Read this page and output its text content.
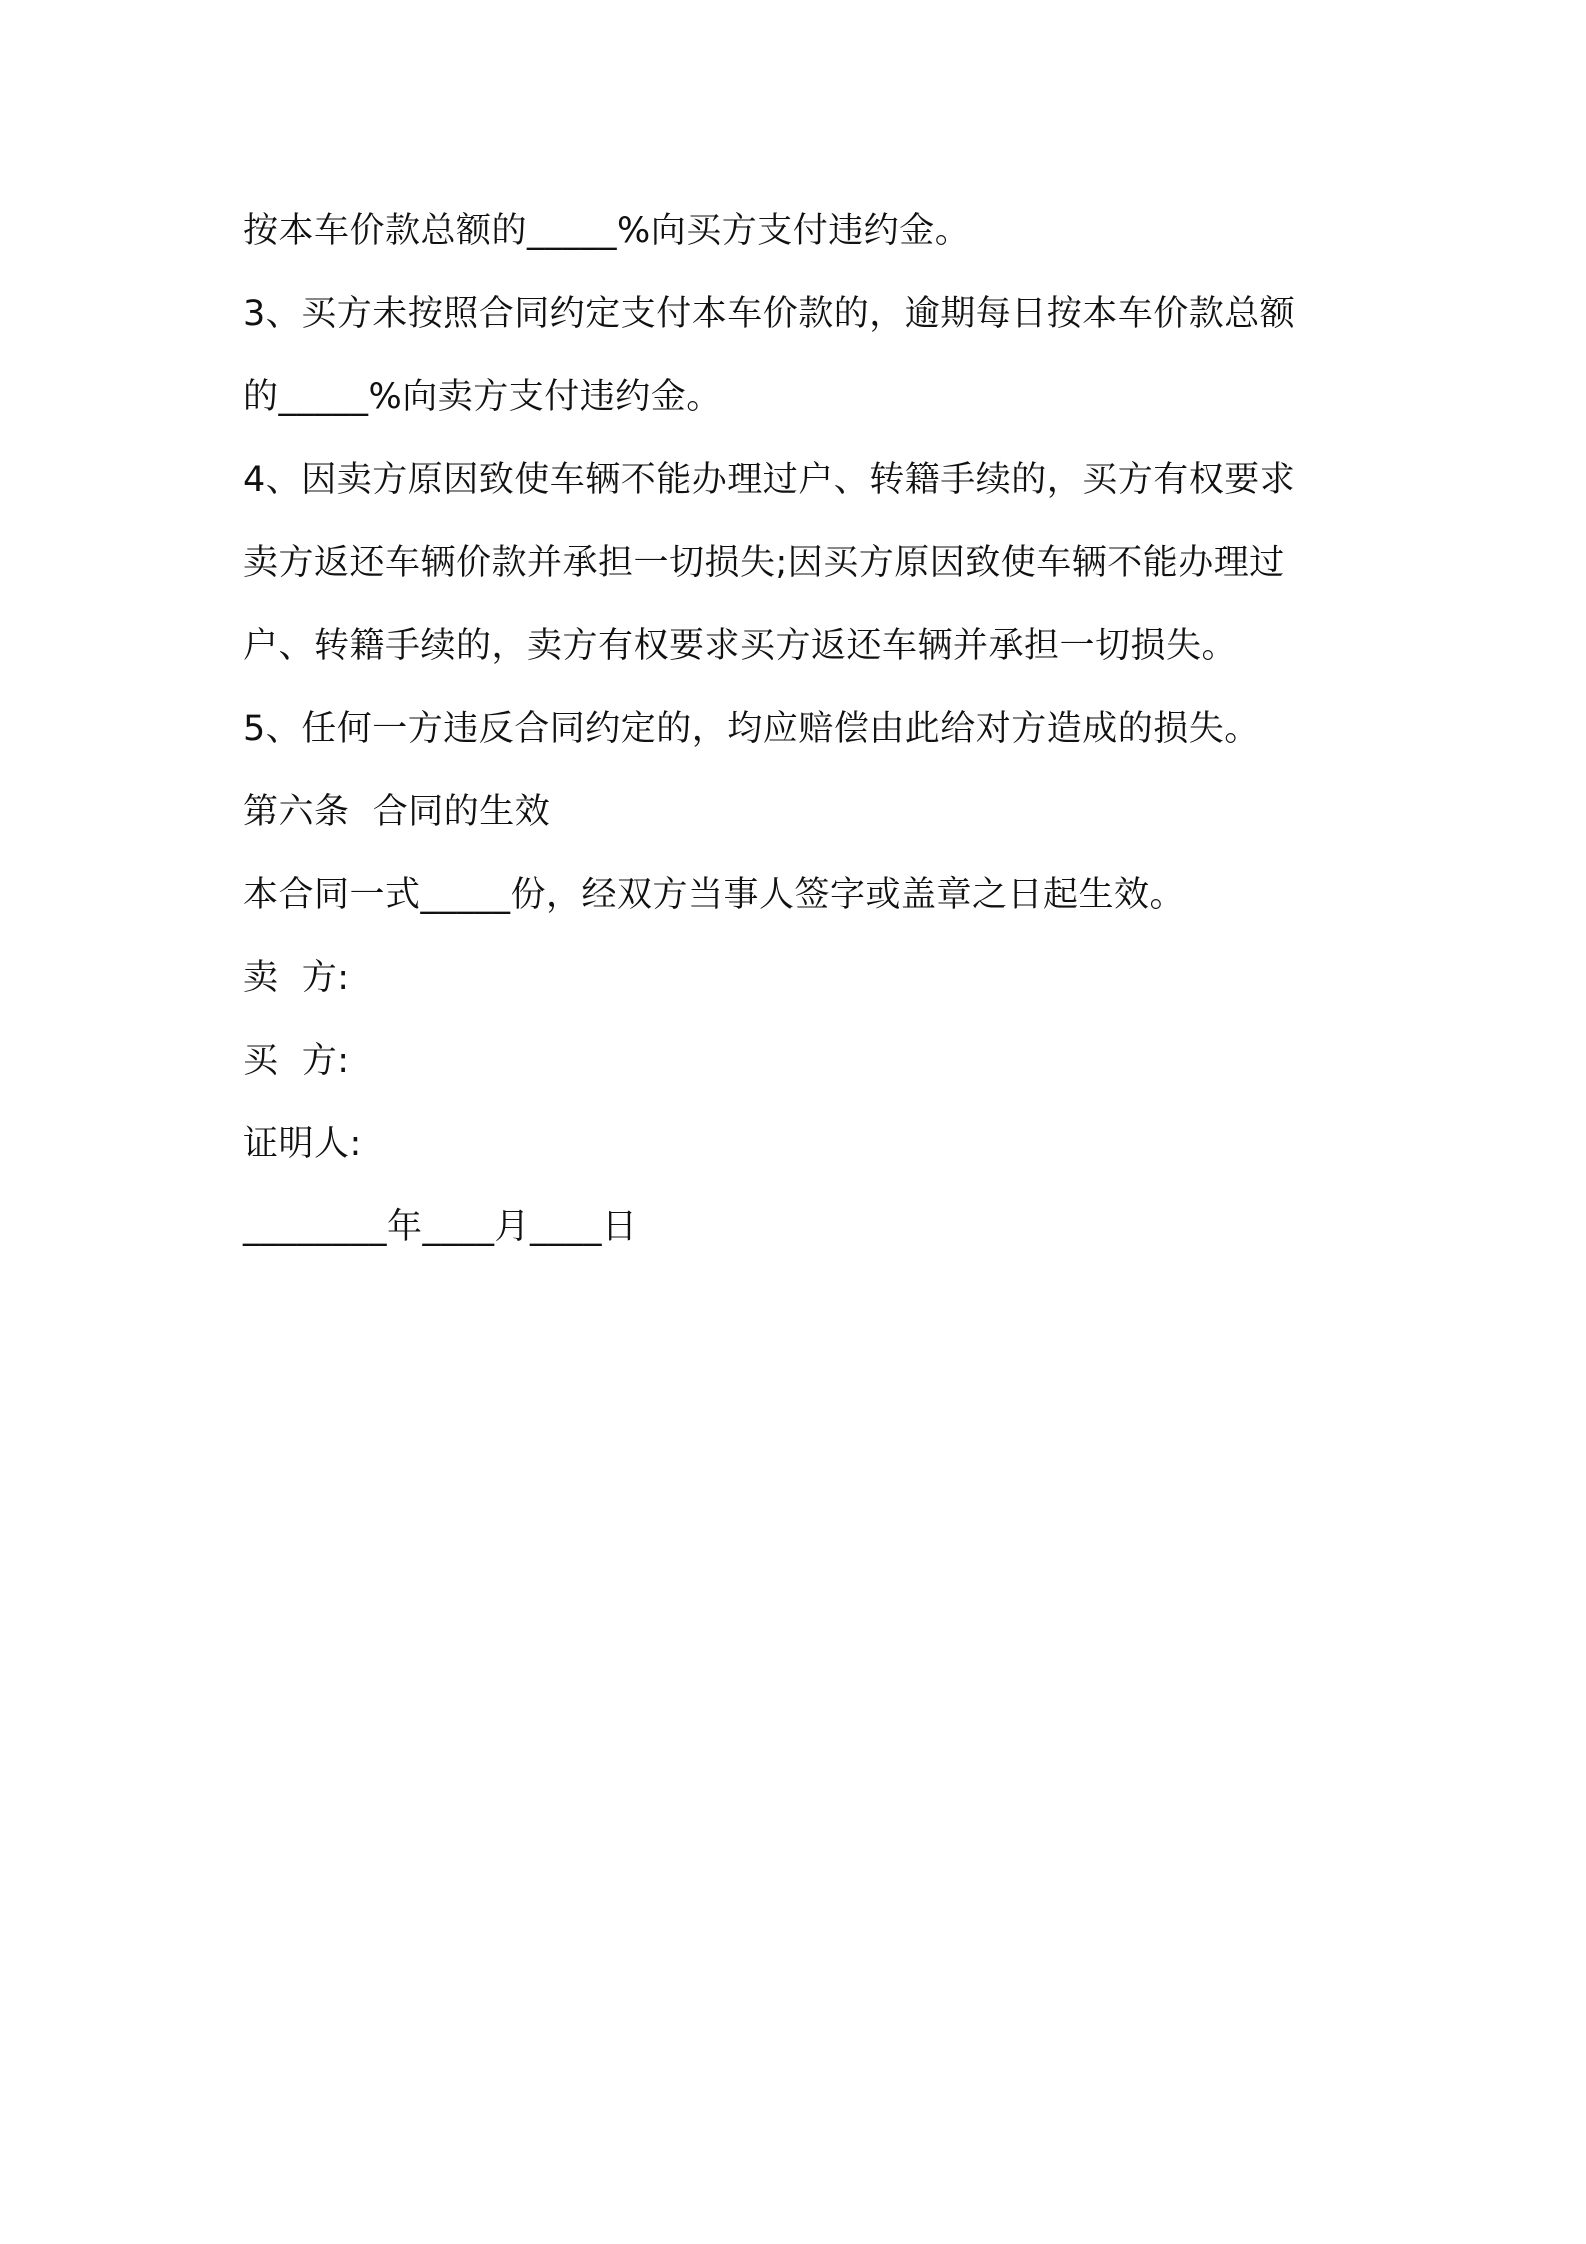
按本车价款总额的_____%向买方支付违约金。
3、买方未按照合同约定支付本车价款的，逾期每日按本车价款总额
的_____%向卖方支付违约金。
4、因卖方原因致使车辆不能办理过户、转籍手续的，买方有权要求
卖方返还车辆价款并承担一切损失;因买方原因致使车辆不能办理过
户、转籍手续的，卖方有权要求买方返还车辆并承担一切损失。
5、任何一方违反合同约定的，均应赔偿由此给对方造成的损失。
第六条  合同的生效
本合同一式_____份，经双方当事人签字或盖章之日起生效。
卖  方:
买  方:
证明人:
________年____月____日
